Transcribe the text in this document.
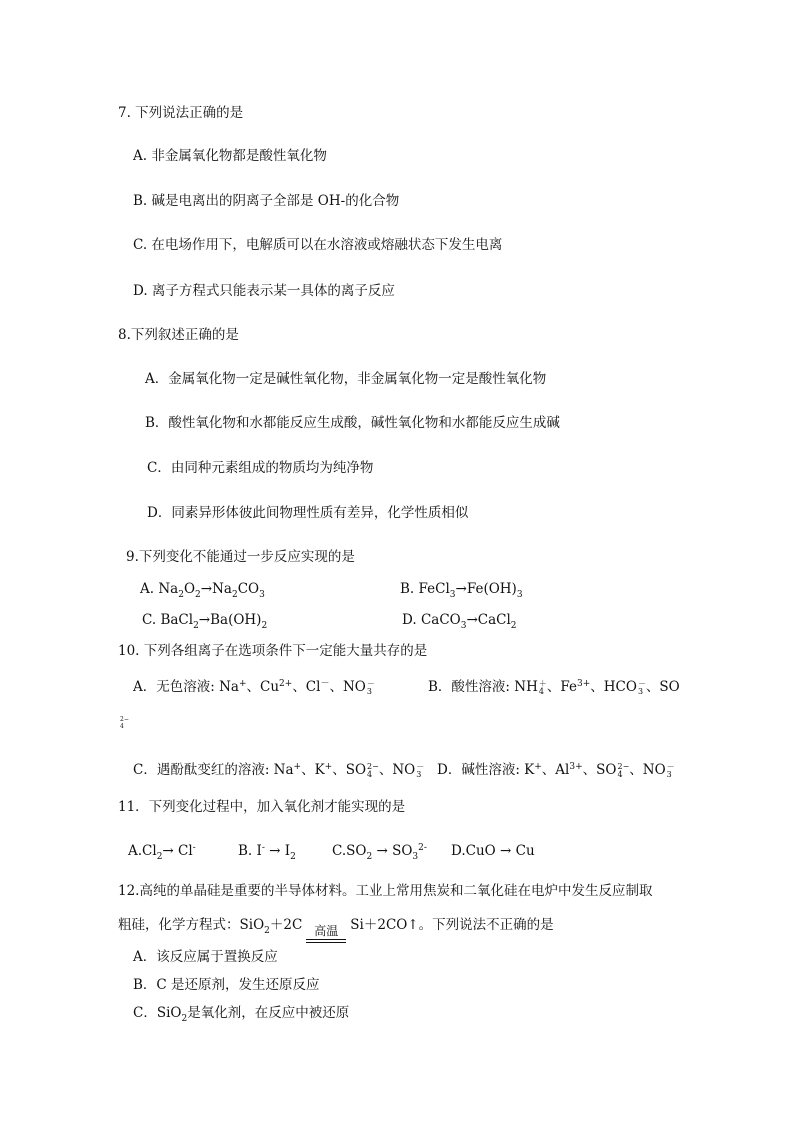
7. 下列说法正确的是
A. 非金属氧化物都是酸性氧化物
B. 碱是电离出的阴离子全部是 OH-的化合物
C. 在电场作用下，电解质可以在水溶液或熔融状态下发生电离
D. 离子方程式只能表示某一具体的离子反应
8.下列叙述正确的是
A．金属氧化物一定是碱性氧化物，非金属氧化物一定是酸性氧化物
B．酸性氧化物和水都能反应生成酸，碱性氧化物和水都能反应生成碱
C．由同种元素组成的物质均为纯净物
D．同素异形体彼此间物理性质有差异，化学性质相似
9.下列变化不能通过一步反应实现的是
A. $Na_2O_2\to Na_2CO_3$	B. $FeCl_3\to Fe(OH)_3$
C. $BaCl_2\to Ba(OH)_2$	D. CaCO$_3$→CaCl$_2$
10. 下列各组离子在选项条件下一定能大量共存的是
A．无色溶液: Na+、$Cu^{2+}$、Cl－、NO －
3	B．酸性溶液: NH ＋
4 、$Fe^{3+}$、HCO －
3 、SO
2−
4
C．遇酚酞变红的溶液: Na+、K+、SO 2−
4 、NO －
3 D．碱性溶液: K+、$Al^{3+}$、SO 2−
4 、NO －
3
11．下列变化过程中，加入氧化剂才能实现的是
$A.Cl_2\to Cl^-$	B. $I^- \to I_2$	$C.SO_2 \to SO_3^{2-}$ D.CuO → Cu
12.高纯的单晶硅是重要的半导体材料。工业上常用焦炭和二氧化硅在电炉中发生反应制取
粗硅，化学方程式：SiO$_2$＋2C 高温 Si＋2CO↑。下列说法不正确的是
A．该反应属于置换反应
B．C 是还原剂，发生还原反应
C．SiO$_2$是氧化剂，在反应中被还原
